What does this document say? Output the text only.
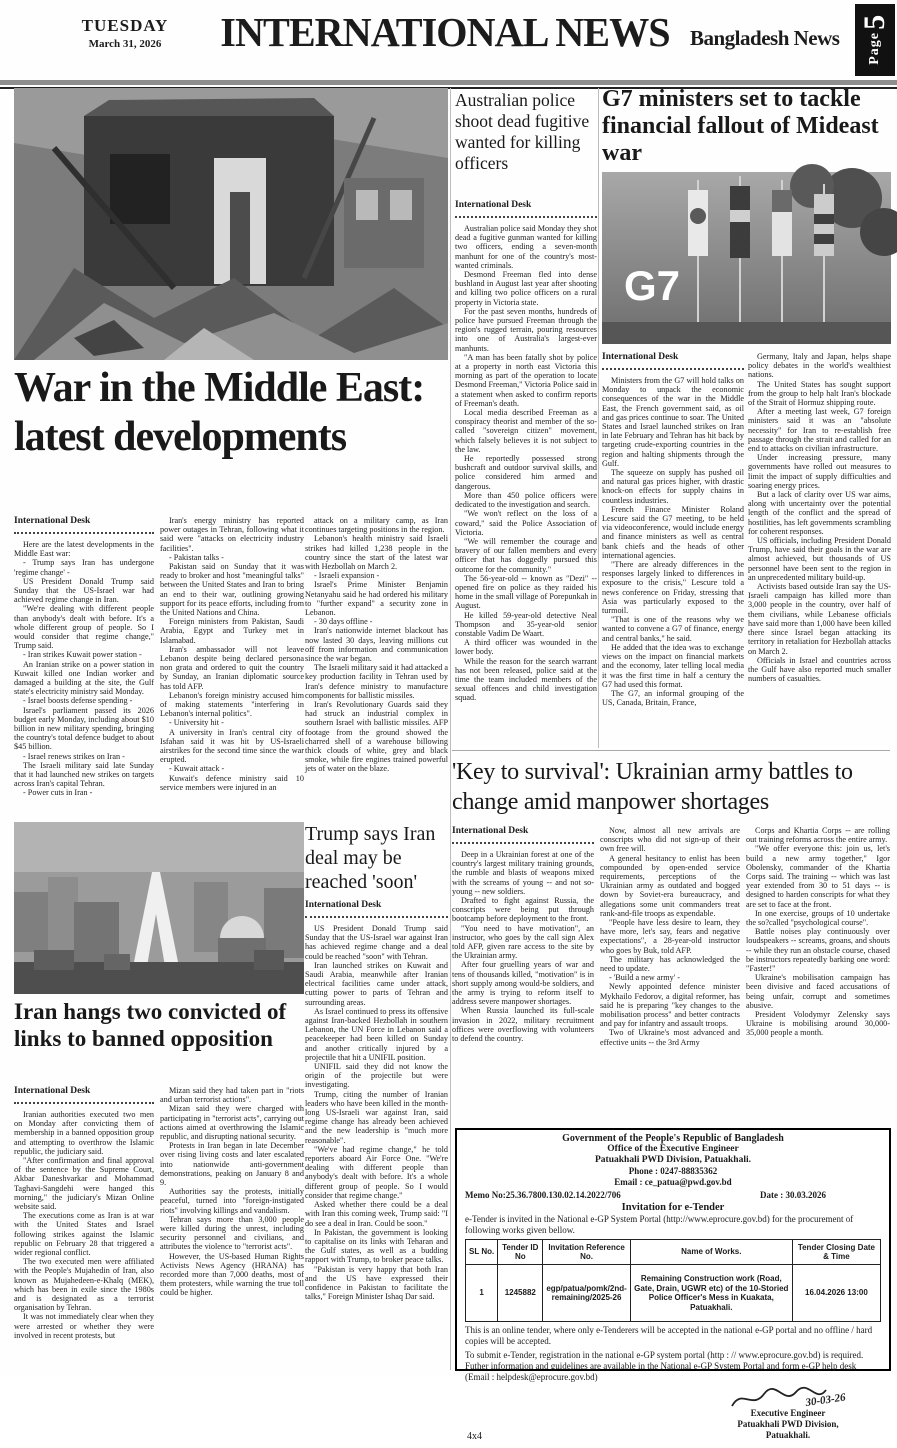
TUESDAY
March 31, 2026	INTERNATIONAL NEWS Bangladesh News	Page
5
War in the Middle East: latest developments
International Desk

Here are the latest developments in the Middle East war:

- Trump says Iran has undergone 'regime change' -

US President Donald Trump said Sunday that the US-Israel war had achieved regime change in Iran.

"We're dealing with different people than anybody's dealt with before. It's a whole different group of people. So I would consider that regime change," Trump said.

- Iran strikes Kuwait power station -

An Iranian strike on a power station in Kuwait killed one Indian worker and damaged a building at the site, the Gulf state's electricity ministry said Monday.

- Israel boosts defense spending -

Israel's parliament passed its 2026 budget early Monday, including about $10 billion in new military spending, bringing the country's total defence budget to about $45 billion.

- Israel renews strikes on Iran -

The Israeli military said late Sunday that it had launched new strikes on targets across Iran's capital Tehran.

- Power cuts in Iran -

Iran's energy ministry has reported power outages in Tehran, following what it said were "attacks on electricity industry facilities".

- Pakistan talks -

Pakistan said on Sunday that it was ready to broker and host "meaningful talks" between the United States and Iran to bring an end to their war, outlining growing support for its peace efforts, including from the United Nations and China.

Foreign ministers from Pakistan, Saudi Arabia, Egypt and Turkey met in Islamabad.

Iran's ambassador will not leave Lebanon despite being declared persona non grata and ordered to quit the country by Sunday, an Iranian diplomatic source has told AFP.

Lebanon's foreign ministry accused him of making statements "interfering in Lebanon's internal politics".

- University hit -

A university in Iran's central city of Isfahan said it was hit by US-Israeli airstrikes for the second time since the war erupted.

- Kuwait attack -

Kuwait's defence ministry said 10 service members were injured in an

attack on a military camp, as Iran continues targeting positions in the region.

Lebanon's health ministry said Israeli strikes had killed 1,238 people in the country since the start of the latest war with Hezbollah on March 2.

- Israeli expansion -

Israel's Prime Minister Benjamin Netanyahu said he had ordered his military to "further expand" a security zone in Lebanon.

- 30 days offline -

Iran's nationwide internet blackout has now lasted 30 days, leaving millions cut off from information and communication since the war began.

The Israeli military said it had attacked a key production facility in Tehran used by Iran's defence ministry to manufacture components for ballistic missiles.

Iran's Revolutionary Guards said they had struck an industrial complex in southern Israel with ballistic missiles. AFP footage from the ground showed the charred shell of a warehouse billowing thick clouds of white, grey and black smoke, while fire engines trained powerful jets of water on the blaze.

Iran hangs two convicted of links to banned opposition
International Desk

Iranian authorities executed two men on Monday after convicting them of membership in a banned opposition group and attempting to overthrow the Islamic republic, the judiciary said.

"After confirmation and final approval of the sentence by the Supreme Court, Akbar Daneshvarkar and Mohammad Taghavi-Sangdehi were hanged this morning," the judiciary's Mizan Online website said.

The executions come as Iran is at war with the United States and Israel following strikes against the Islamic republic on February 28 that triggered a wider regional conflict.

The two executed men were affiliated with the People's Mujahedin of Iran, also known as Mujahedeen-e-Khalq (MEK), which has been in exile since the 1980s and is designated as a terrorist organisation by Tehran.

It was not immediately clear when they were arrested or whether they were involved in recent protests, but

Mizan said they had taken part in "riots and urban terrorist actions".

Mizan said they were charged with participating in "terrorist acts", carrying out actions aimed at overthrowing the Islamic republic, and disrupting national security.

Protests in Iran began in late December over rising living costs and later escalated into nationwide anti-government demonstrations, peaking on January 8 and 9.

Authorities say the protests, initially peaceful, turned into "foreign-instigated riots" involving killings and vandalism.

Tehran says more than 3,000 people were killed during the unrest, including security personnel and civilians, and attributes the violence to "terrorist acts".

However, the US-based Human Rights Activists News Agency (HRANA) has recorded more than 7,000 deaths, most of them protesters, while warning the true toll could be higher.

Trump says Iran deal may be reached 'soon'
International Desk

US President Donald Trump said Sunday that the US-Israel war against Iran has achieved regime change and a deal could be reached "soon" with Tehran.

Iran launched strikes on Kuwait and Saudi Arabia, meanwhile after Iranian electrical facilities came under attack, cutting power to parts of Tehran and surrounding areas.

As Israel continued to press its offensive against Iran-backed Hezbollah in southern Lebanon, the UN Force in Lebanon said a peacekeeper had been killed on Sunday and another critically injured by a projectile that hit a UNIFIL position.

UNIFIL said they did not know the origin of the projectile but were investigating.

Trump, citing the number of Iranian leaders who have been killed in the month-long US-Israeli war against Iran, said regime change has already been achieved and the new leadership is "much more reasonable".

"We've had regime change," he told reporters aboard Air Force One. "We're dealing with different people than anybody's dealt with before. It's a whole different group of people. So I would consider that regime change."

Asked whether there could be a deal with Iran this coming week, Trump said: "I do see a deal in Iran. Could be soon."

In Pakistan, the government is looking to capitalise on its links with Teharan and the Gulf states, as well as a budding rapport with Trump, to broker peace talks.

"Pakistan is very happy that both Iran and the US have expressed their confidence in Pakistan to facilitate the talks," Foreign Minister Ishaq Dar said.

Australian police shoot dead fugitive wanted for killing officers
International Desk

Australian police said Monday they shot dead a fugitive gunman wanted for killing two officers, ending a seven-month manhunt for one of the country's most-wanted criminals.

Desmond Freeman fled into dense bushland in August last year after shooting and killing two police officers on a rural property in Victoria state.

For the past seven months, hundreds of police have pursued Freeman through the region's rugged terrain, pouring resources into one of Australia's largest-ever manhunts.

"A man has been fatally shot by police at a property in north east Victoria this morning as part of the operation to locate Desmond Freeman," Victoria Police said in a statement when asked to confirm reports of Freeman's death.

Local media described Freeman as a conspiracy theorist and member of the so-called "sovereign citizen" movement, which falsely believes it is not subject to the law.

He reportedly possessed strong bushcraft and outdoor survival skills, and police considered him armed and dangerous.

More than 450 police officers were dedicated to the investigation and search.

"We won't reflect on the loss of a coward," said the Police Association of Victoria.

"We will remember the courage and bravery of our fallen members and every officer that has doggedly pursued this outcome for the community."

The 56-year-old -- known as "Dezi" -- opened fire on police as they raided his home in the small village of Porepunkah in August.

He killed 59-year-old detective Neal Thompson and 35-year-old senior constable Vadim De Waart.

A third officer was wounded in the lower body.

While the reason for the search warrant has not been released, police said at the time the team included members of the sexual offences and child investigation squad.

G7 ministers set to tackle financial fallout of Mideast war
G7
International Desk

Ministers from the G7 will hold talks on Monday to unpack the economic consequences of the war in the Middle East, the French government said, as oil and gas prices continue to soar. The United States and Israel launched strikes on Iran in late February and Tehran has hit back by targeting crude-exporting countries in the region and halting shipments through the Gulf.

The squeeze on supply has pushed oil and natural gas prices higher, with drastic knock-on effects for supply chains in countless industries.

French Finance Minister Roland Lescure said the G7 meeting, to be held via videoconference, would include energy and finance ministers as well as central bank chiefs and the heads of other international agencies.

"There are already differences in the responses largely linked to differences in exposure to the crisis," Lescure told a news conference on Friday, stressing that Asia was particularly exposed to the turmoil.

"That is one of the reasons why we wanted to convene a G7 of finance, energy and central banks," he said.

He added that the idea was to exchange views on the impact on financial markets and the economy, later telling local media it was the first time in half a century the G7 had used this format.

The G7, an informal grouping of the US, Canada, Britain, France,

Germany, Italy and Japan, helps shape policy debates in the world's wealthiest nations.

The United States has sought support from the group to help halt Iran's blockade of the Strait of Hormuz shipping route.

After a meeting last week, G7 foreign ministers said it was an "absolute necessity" for Iran to re-establish free passage through the strait and called for an end to attacks on civilian infrastructure.

Under increasing pressure, many governments have rolled out measures to limit the impact of supply difficulties and soaring energy prices.

But a lack of clarity over US war aims, along with uncertainty over the potential length of the conflict and the spread of hostilities, has left governments scrambling for coherent responses.

US officials, including President Donald Trump, have said their goals in the war are almost achieved, but thousands of US personnel have been sent to the region in an unprecedented military build-up.

Activists based outside Iran say the US-Israeli campaign has killed more than 3,000 people in the country, over half of them civilians, while Lebanese officials have said more than 1,000 have been killed there since Israel began attacking its territory in retaliation for Hezbollah attacks on March 2.

Officials in Israel and countries across the Gulf have also reported much smaller numbers of casualties.

'Key to survival': Ukrainian army battles to change amid manpower shortages
International Desk

Deep in a Ukrainian forest at one of the country's largest military training grounds, the rumble and blasts of weapons mixed with the screams of young -- and not so-young -- new soldiers.

Drafted to fight against Russia, the conscripts were being put through bootcamp before deployment to the front.

"You need to have motivation", an instructor, who goes by the call sign Alex told AFP, given rare access to the site by the Ukrainian army.

After four gruelling years of war and tens of thousands killed, "motivation" is in short supply among would-be soldiers, and the army is trying to reform itself to address severe manpower shortages.

When Russia launched its full-scale invasion in 2022, military recruitment offices were overflowing with volunteers to defend the country.

Now, almost all new arrivals are conscripts who did not sign-up of their own free will.

A general hesitancy to enlist has been compounded by open-ended service requirements, perceptions of the Ukrainian army as outdated and bogged down by Soviet-era bureaucracy, and allegations some unit commanders treat rank-and-file troops as expendable.

"People have less desire to learn, they have more, let's say, fears and negative expectations", a 28-year-old instructor who goes by Buk, told AFP.

The military has acknowledged the need to update.

- 'Build a new army' -

Newly appointed defence minister Mykhailo Fedorov, a digital reformer, has said he is preparing "key changes to the mobilisation process" and better contracts and pay for infantry and assault troops.

Two of Ukraine's most advanced and effective units -- the 3rd Army

Corps and Khartia Corps -- are rolling out training reforms across the entire army.

"We offer everyone this: join us, let's build a new army together," Igor Obolensky, commander of the Khartia Corps said. The training -- which was last year extended from 30 to 51 days -- is designed to harden conscripts for what they are set to face at the front.

In one exercise, groups of 10 undertake the so?called "psychological course".

Battle noises play continuously over loudspeakers -- screams, groans, and shouts -- while they run an obstacle course, chased be instructors repeatedly barking one word: "Faster!"

Ukraine's mobilisation campaign has been divisive and faced accusations of being unfair, corrupt and sometimes abusive.

President Volodymyr Zelensky says Ukraine is mobilising around 30,000-35,000 people a month.

Government of the People's Republic of Bangladesh
Office of the Executive Engineer
Patuakhali PWD Division, Patuakhali.
Phone : 0247-88835362
Email : ce_patua@pwd.gov.bd
Memo No:25.36.7800.130.02.14.2022/706	Date : 30.03.2026
Invitation for e-Tender
e-Tender is invited in the National e-GP System Portal (http://www.eprocure.gov.bd) for the procurement of following works given bellow.
SL No.	Tender ID No	Invitation Reference No.	Name of Works.	Tender Closing Date & Time
1	1245882	egp/patua/pomk/2nd-remaining/2025-26	Remaining Construction work (Road, Gate, Drain, UGWR etc) of the 10-Storied Police Officer's Mess in Kuakata, Patuakhali.	16.04.2026 13:00

This is an online tender, where only e-Tenderers will be accepted in the national e-GP portal and no offline / hard copies will be accepted.

To submit e-Tender, registration in the national e-GP system portal (http : // www.eprocure.gov.bd) is required. Futher information and guidelines are available in the National e-GP System Portal and form e-GP help desk (Email : helpdesk@eprocure.gov.bd)

4x4
30-03-26
Executive Engineer
Patuakhali PWD Division,
Patuakhali.
